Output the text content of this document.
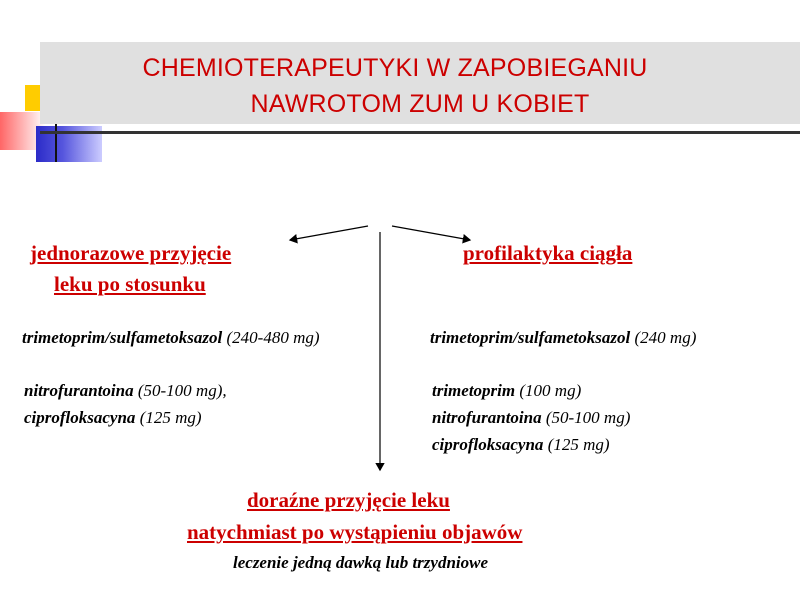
CHEMIOTERAPEUTYKI W ZAPOBIEGANIU
NAWROTOM ZUM U KOBIET
jednorazowe przyjęcie
leku po stosunku
trimetoprim/sulfametoksazol (240-480 mg)
nitrofurantoina (50-100 mg),
ciprofloksacyna (125 mg)
profilaktyka ciągła
trimetoprim/sulfametoksazol (240 mg)
trimetoprim (100 mg)
nitrofurantoina (50-100 mg)
ciprofloksacyna (125 mg)
doraźne przyjęcie leku
natychmiast po wystąpieniu objawów
leczenie jedną dawką lub trzydniowe
